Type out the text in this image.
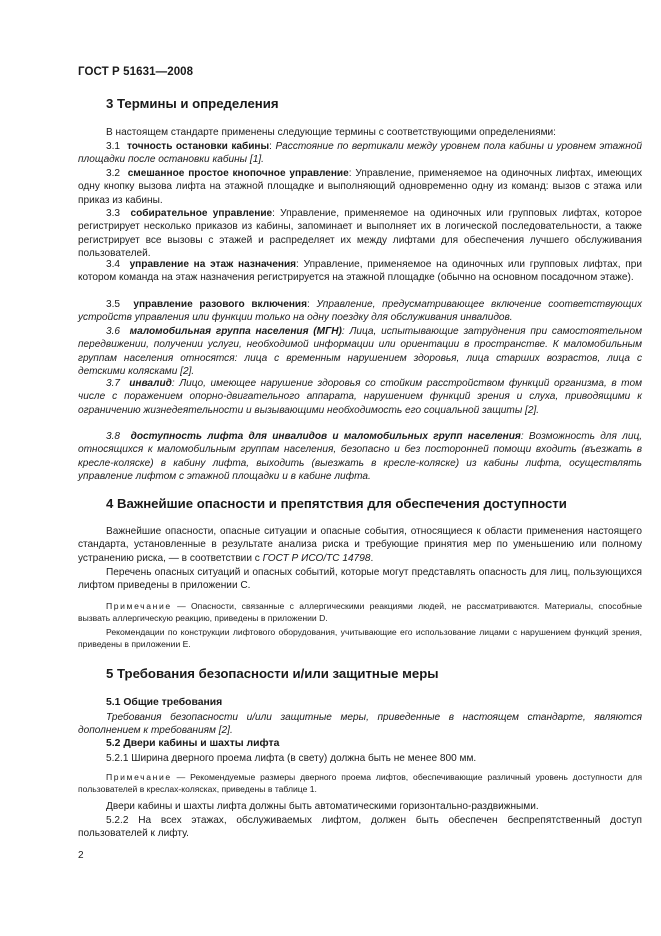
ГОСТ Р 51631—2008
3 Термины и определения
В настоящем стандарте применены следующие термины с соответствующими определениями:
3.1 точность остановки кабины: Расстояние по вертикали между уровнем пола кабины и уровнем этажной площадки после остановки кабины [1].
3.2 смешанное простое кнопочное управление: Управление, применяемое на одиночных лифтах, имеющих одну кнопку вызова лифта на этажной площадке и выполняющий одновременно одну из команд: вызов с этажа или приказ из кабины.
3.3 собирательное управление: Управление, применяемое на одиночных или групповых лифтах, которое регистрирует несколько приказов из кабины, запоминает и выполняет их в логической последовательности, а также регистрирует все вызовы с этажей и распределяет их между лифтами для обеспечения лучшего обслуживания пользователей.
3.4 управление на этаж назначения: Управление, применяемое на одиночных или групповых лифтах, при котором команда на этаж назначения регистрируется на этажной площадке (обычно на основном посадочном этаже).
3.5 управление разового включения: Управление, предусматривающее включение соответствующих устройств управления или функции только на одну поездку для обслуживания инвалидов.
3.6 маломобильная группа населения (МГН): Лица, испытывающие затруднения при самостоятельном передвижении, получении услуги, необходимой информации или ориентации в пространстве. К маломобильным группам населения относятся: лица с временным нарушением здоровья, лица старших возрастов, лица с детскими колясками [2].
3.7 инвалид: Лицо, имеющее нарушение здоровья со стойким расстройством функций организма, в том числе с поражением опорно-двигательного аппарата, нарушением функций зрения и слуха, приводящими к ограничению жизнедеятельности и вызывающими необходимость его социальной защиты [2].
3.8 доступность лифта для инвалидов и маломобильных групп населения: Возможность для лиц, относящихся к маломобильным группам населения, безопасно и без посторонней помощи входить (въезжать в кресле-коляске) в кабину лифта, выходить (выезжать в кресле-коляске) из кабины лифта, осуществлять управление лифтом с этажной площадки и в кабине лифта.
4 Важнейшие опасности и препятствия для обеспечения доступности
Важнейшие опасности, опасные ситуации и опасные события, относящиеся к области применения настоящего стандарта, установленные в результате анализа риска и требующие принятия мер по уменьшению или полному устранению риска, — в соответствии с ГОСТ Р ИСО/ТС 14798.
Перечень опасных ситуаций и опасных событий, которые могут представлять опасность для лиц, пользующихся лифтом приведены в приложении С.
Примечание — Опасности, связанные с аллергическими реакциями людей, не рассматриваются. Материалы, способные вызвать аллергическую реакцию, приведены в приложении D.
Рекомендации по конструкции лифтового оборудования, учитывающие его использование лицами с нарушением функций зрения, приведены в приложении Е.
5 Требования безопасности и/или защитные меры
5.1 Общие требования
Требования безопасности и/или защитные меры, приведенные в настоящем стандарте, являются дополнением к требованиям [2].
5.2 Двери кабины и шахты лифта
5.2.1 Ширина дверного проема лифта (в свету) должна быть не менее 800 мм.
Примечание — Рекомендуемые размеры дверного проема лифтов, обеспечивающие различный уровень доступности для пользователей в креслах-колясках, приведены в таблице 1.
Двери кабины и шахты лифта должны быть автоматическими горизонтально-раздвижными.
5.2.2 На всех этажах, обслуживаемых лифтом, должен быть обеспечен беспрепятственный доступ пользователей к лифту.
2
